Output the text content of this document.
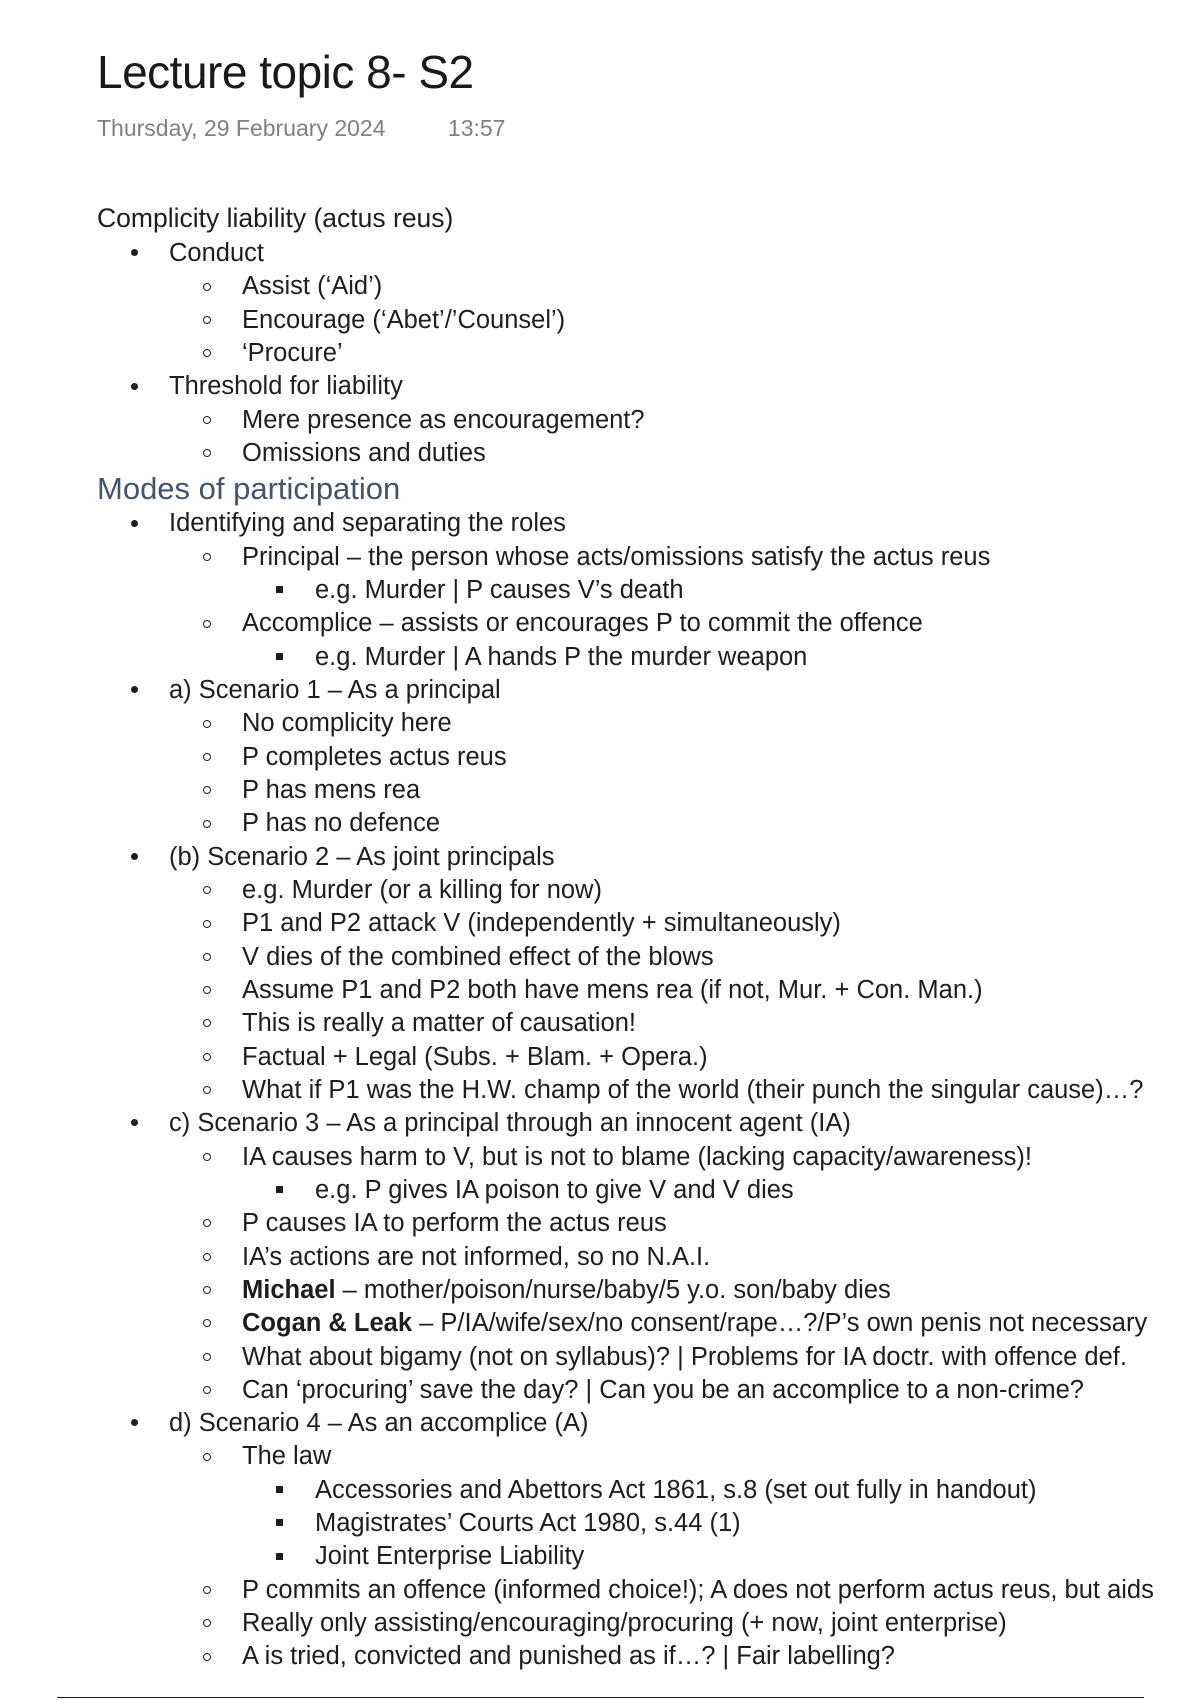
Lecture topic 8- S2
Thursday, 29 February 2024	13:57
Complicity liability (actus reus)
Conduct
Assist (‘Aid’)
Encourage (‘Abet’/’Counsel’)
‘Procure’
Threshold for liability
Mere presence as encouragement?
Omissions and duties
Modes of participation
Identifying and separating the roles
Principal – the person whose acts/omissions satisfy the actus reus
e.g. Murder | P causes V’s death
Accomplice – assists or encourages P to commit the offence
e.g. Murder | A hands P the murder weapon
a) Scenario 1 – As a principal
No complicity here
P completes actus reus
P has mens rea
P has no defence
(b) Scenario 2 – As joint principals
e.g. Murder (or a killing for now)
P1 and P2 attack V (independently + simultaneously)
V dies of the combined effect of the blows
Assume P1 and P2 both have mens rea (if not, Mur. + Con. Man.)
This is really a matter of causation!
Factual + Legal (Subs. + Blam. + Opera.)
What if P1 was the H.W. champ of the world (their punch the singular cause)…?
c) Scenario 3 – As a principal through an innocent agent (IA)
IA causes harm to V, but is not to blame (lacking capacity/awareness)!
e.g. P gives IA poison to give V and V dies
P causes IA to perform the actus reus
IA’s actions are not informed, so no N.A.I.
Michael – mother/poison/nurse/baby/5 y.o. son/baby dies
Cogan & Leak – P/IA/wife/sex/no consent/rape…?/P’s own penis not necessary
What about bigamy (not on syllabus)? | Problems for IA doctr. with offence def.
Can ‘procuring’ save the day? | Can you be an accomplice to a non-crime?
d) Scenario 4 – As an accomplice (A)
The law
Accessories and Abettors Act 1861, s.8 (set out fully in handout)
Magistrates’ Courts Act 1980, s.44 (1)
Joint Enterprise Liability
P commits an offence (informed choice!); A does not perform actus reus, but aids
Really only assisting/encouraging/procuring (+ now, joint enterprise)
A is tried, convicted and punished as if…? | Fair labelling?
